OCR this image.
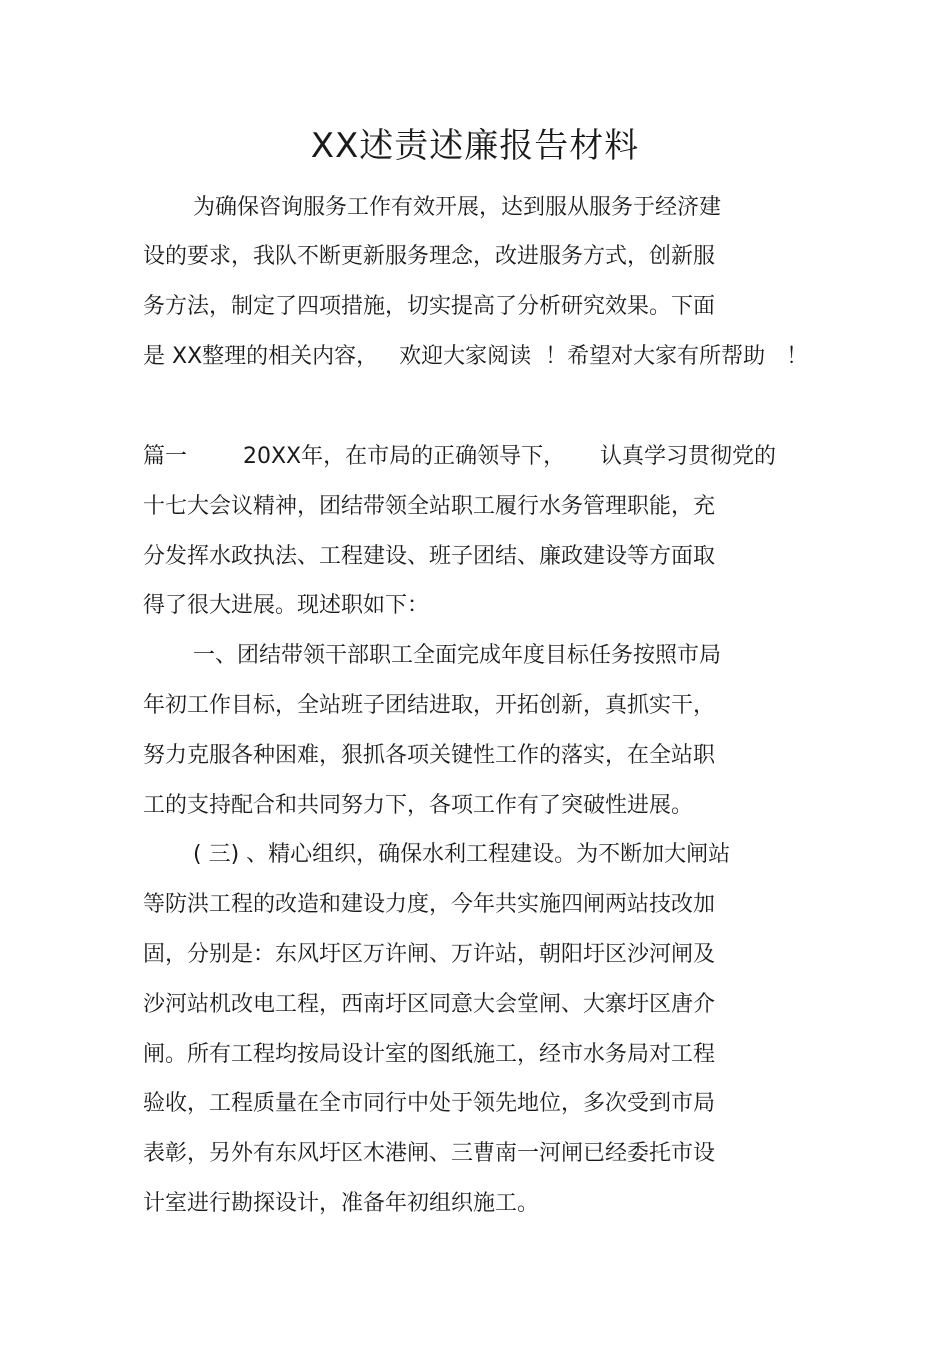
XX述责述廉报告材料
为确保咨询服务工作有效开展，达到服从服务于经济建
设的要求，我队不断更新服务理念，改进服务方式，创新服
务方法，制定了四项措施，切实提高了分析研究效果。下面
是 XX整理的相关内容，   欢迎大家阅读  ！希望对大家有所帮助   ！
篇一        20XX年，在市局的正确领导下，     认真学习贯彻党的
十七大会议精神，团结带领全站职工履行水务管理职能，充
分发挥水政执法、工程建设、班子团结、廉政建设等方面取
得了很大进展。现述职如下：
一、团结带领干部职工全面完成年度目标任务按照市局
年初工作目标，全站班子团结进取，开拓创新，真抓实干，
努力克服各种困难，狠抓各项关键性工作的落实，在全站职
工的支持配合和共同努力下，各项工作有了突破性进展。
( 三) 、精心组织，确保水利工程建设。为不断加大闸站
等防洪工程的改造和建设力度，今年共实施四闸两站技改加
固，分别是：东风圩区万许闸、万许站，朝阳圩区沙河闸及
沙河站机改电工程，西南圩区同意大会堂闸、大寨圩区唐介
闸。所有工程均按局设计室的图纸施工，经市水务局对工程
验收，工程质量在全市同行中处于领先地位，多次受到市局
表彰，另外有东风圩区木港闸、三曹南一河闸已经委托市设
计室进行勘探设计，准备年初组织施工。
